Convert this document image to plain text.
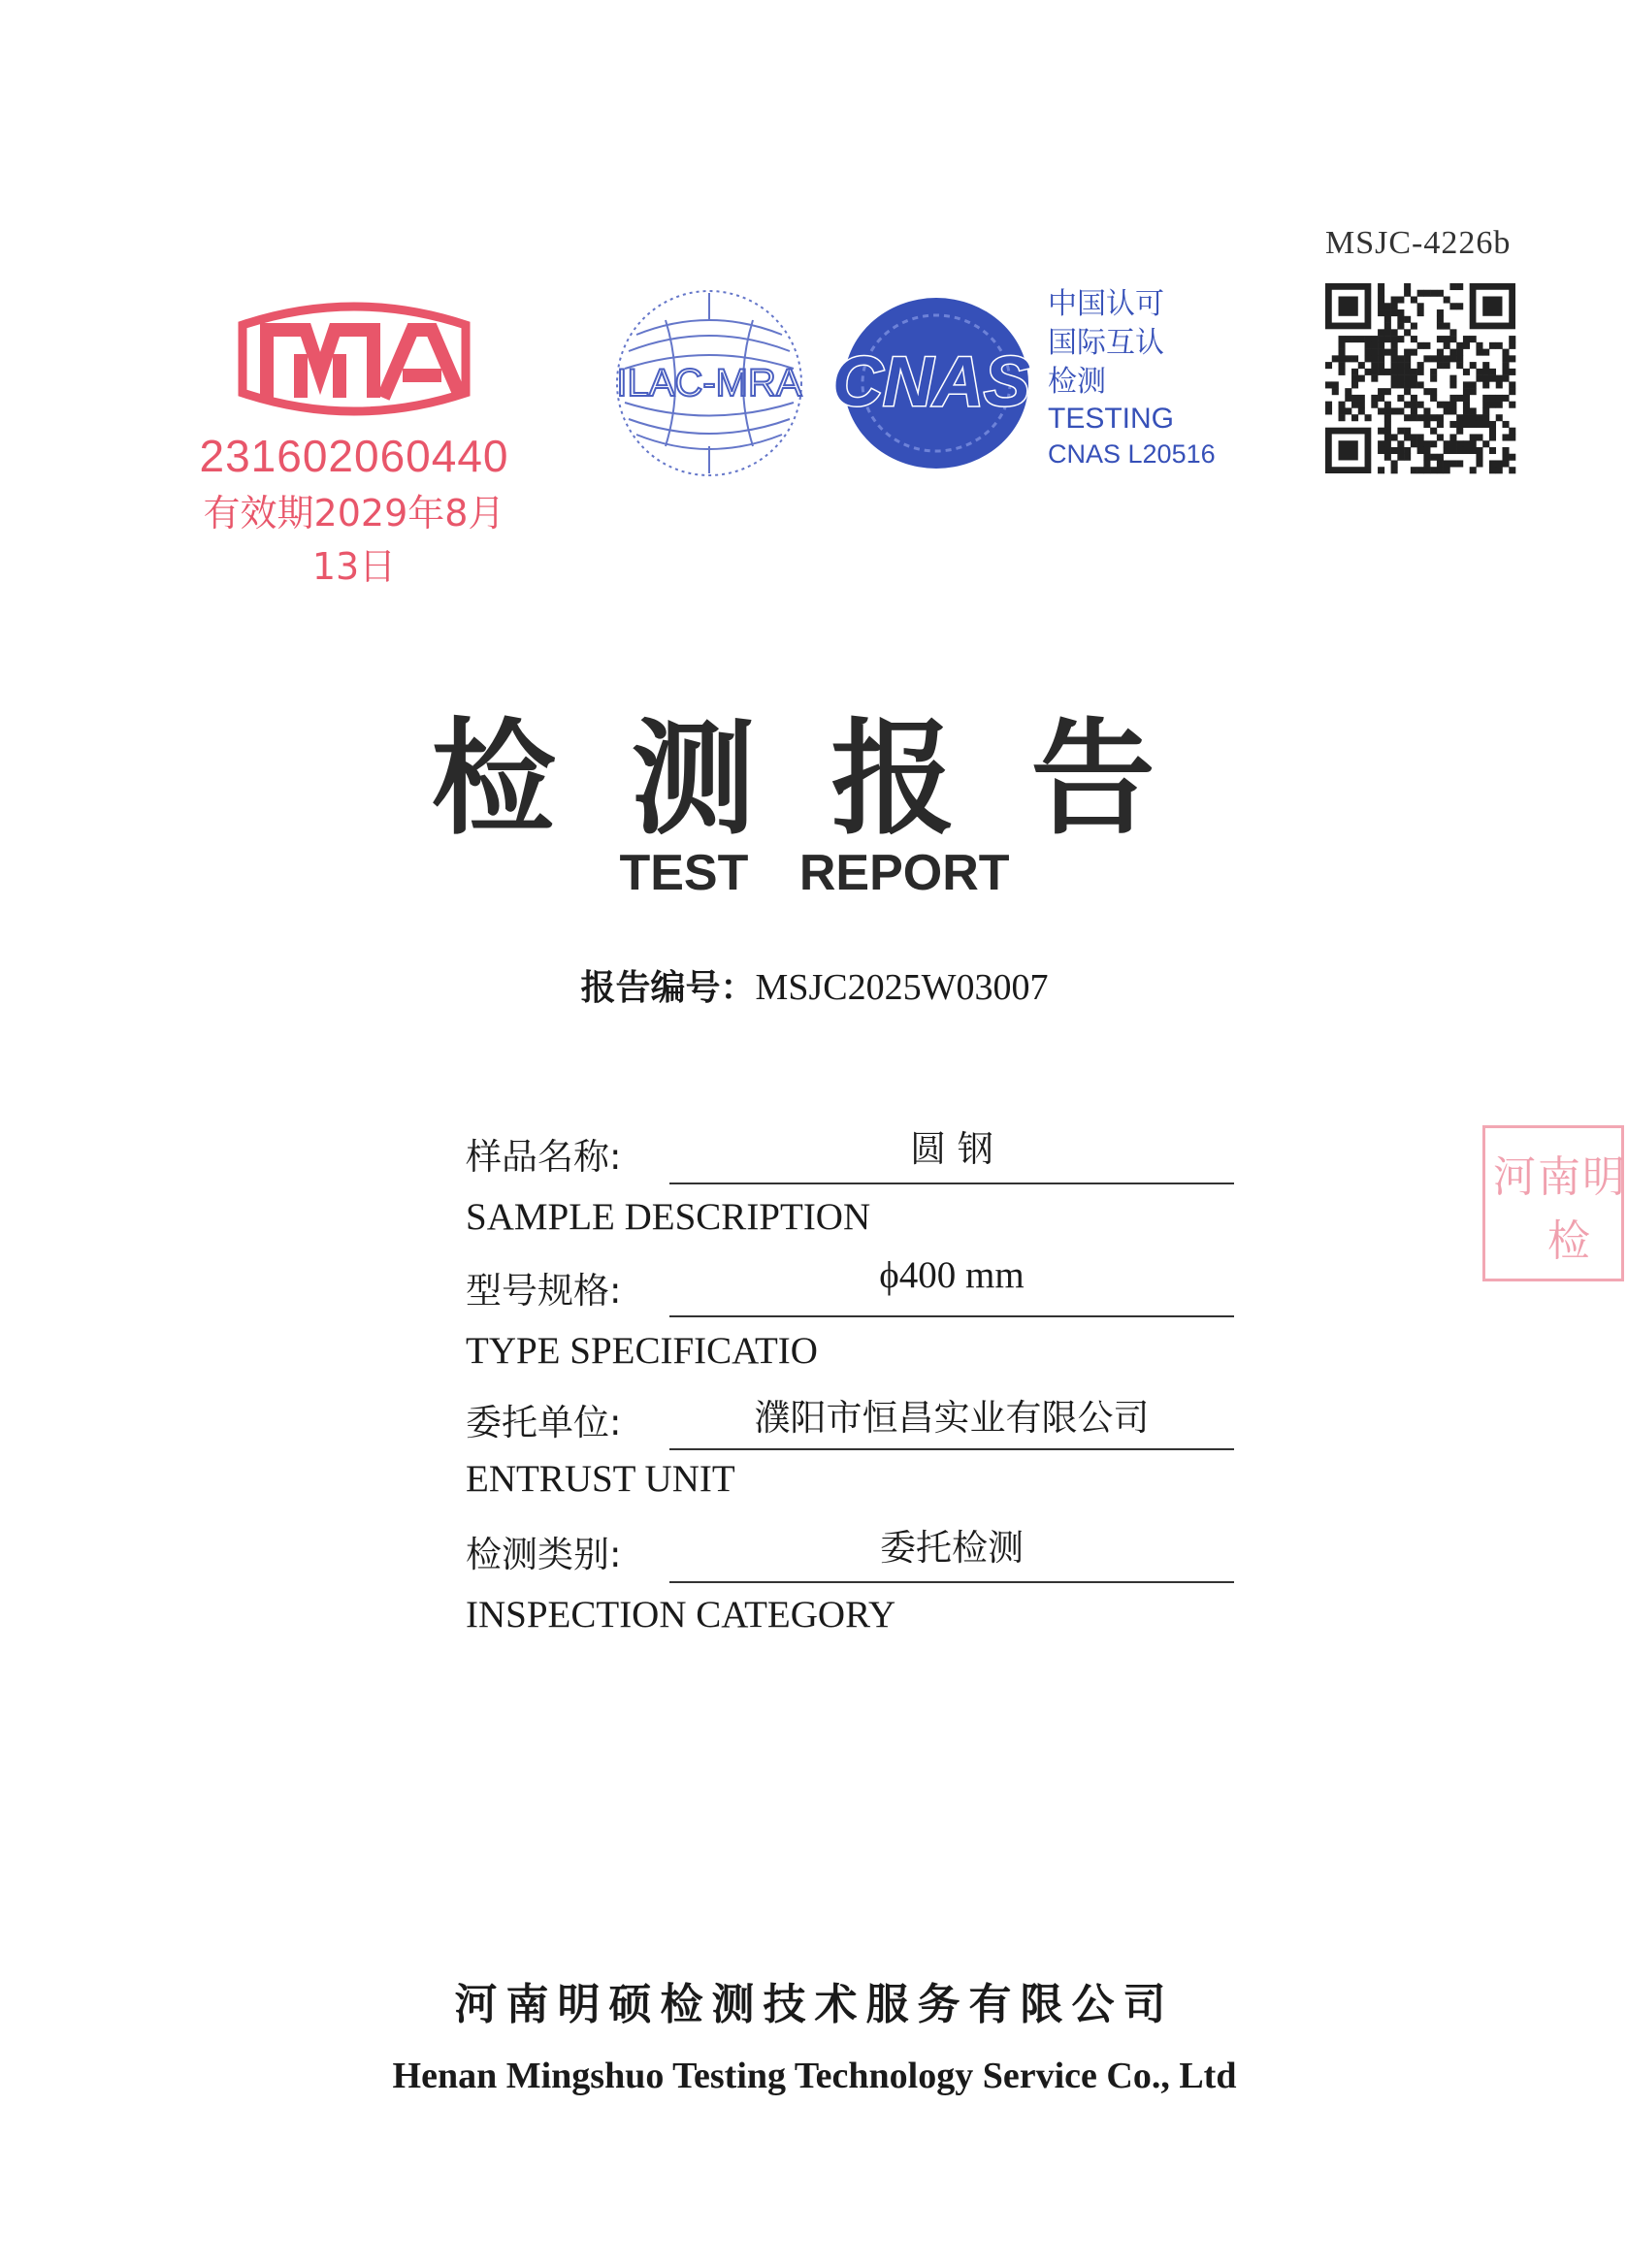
MSJC-4226b
231602060440
有效期2029年8月13日
ILAC-MRA CNAS
中国认可
国际互认
检测
TESTING
CNAS L20516
检测报告
TEST REPORT
报告编号：MSJC2025W03007
样品名称:	圆 钢
SAMPLE DESCRIPTION
型号规格:	ϕ400 mm
TYPE SPECIFICATIO
委托单位:	濮阳市恒昌实业有限公司
ENTRUST UNIT
检测类别:	委托检测
INSPECTION CATEGORY
河南明
检
河南明硕检测技术服务有限公司
Henan Mingshuo Testing Technology Service Co., Ltd
